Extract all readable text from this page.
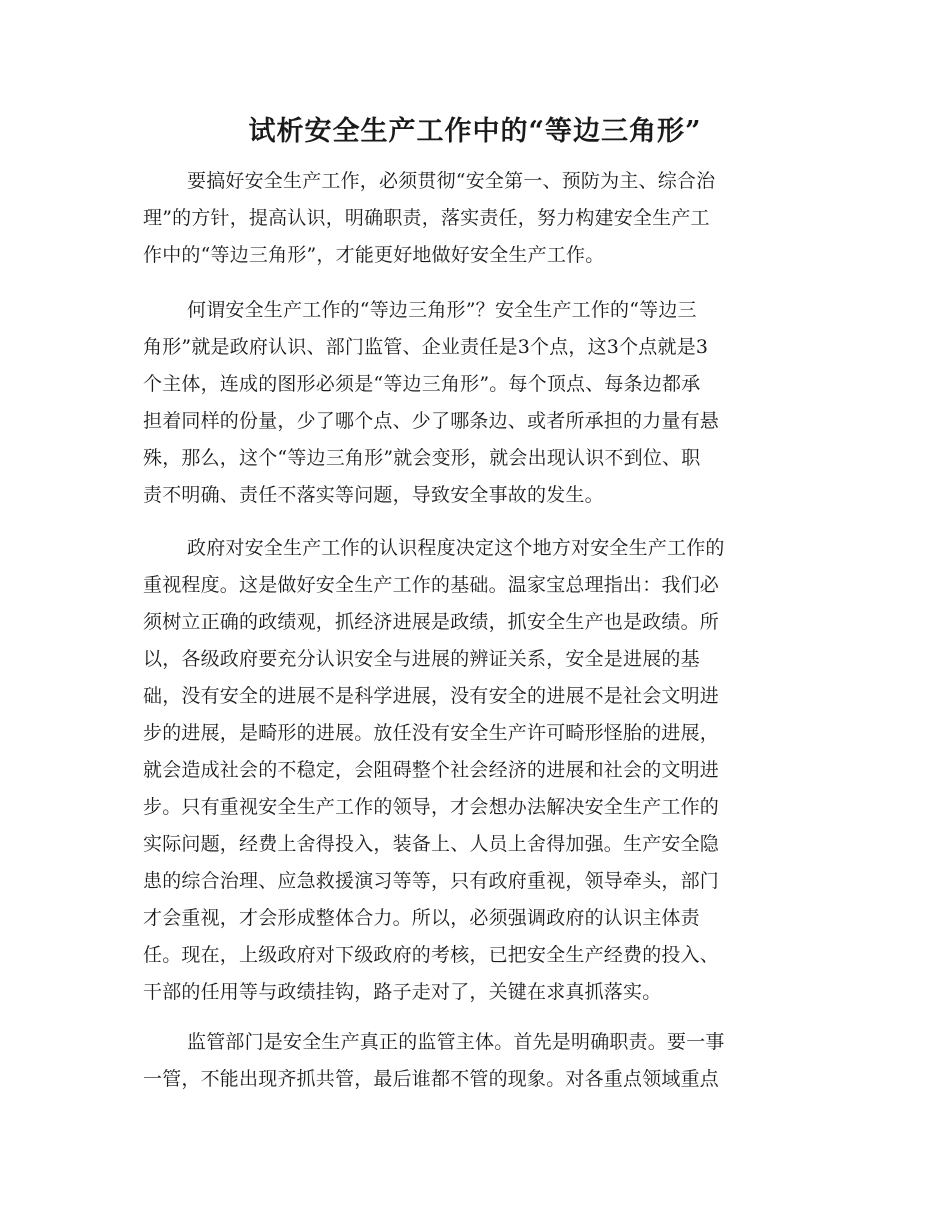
试析安全生产工作中的“等边三角形”
要搞好安全生产工作，必须贯彻“安全第一、预防为主、综合治
理”的方针，提高认识，明确职责，落实责任，努力构建安全生产工
作中的“等边三角形”，才能更好地做好安全生产工作。
何谓安全生产工作的“等边三角形”？安全生产工作的“等边三
角形”就是政府认识、部门监管、企业责任是3个点，这3个点就是3
个主体，连成的图形必须是“等边三角形”。每个顶点、每条边都承
担着同样的份量，少了哪个点、少了哪条边、或者所承担的力量有悬
殊，那么，这个“等边三角形”就会变形，就会出现认识不到位、职
责不明确、责任不落实等问题，导致安全事故的发生。
政府对安全生产工作的认识程度决定这个地方对安全生产工作的
重视程度。这是做好安全生产工作的基础。温家宝总理指出：我们必
须树立正确的政绩观，抓经济进展是政绩，抓安全生产也是政绩。所
以，各级政府要充分认识安全与进展的辨证关系，安全是进展的基
础，没有安全的进展不是科学进展，没有安全的进展不是社会文明进
步的进展，是畸形的进展。放任没有安全生产许可畸形怪胎的进展，
就会造成社会的不稳定，会阻碍整个社会经济的进展和社会的文明进
步。只有重视安全生产工作的领导，才会想办法解决安全生产工作的
实际问题，经费上舍得投入，装备上、人员上舍得加强。生产安全隐
患的综合治理、应急救援演习等等，只有政府重视，领导牵头，部门
才会重视，才会形成整体合力。所以，必须强调政府的认识主体责
任。现在，上级政府对下级政府的考核，已把安全生产经费的投入、
干部的任用等与政绩挂钩，路子走对了，关键在求真抓落实。
监管部门是安全生产真正的监管主体。首先是明确职责。要一事
一管，不能出现齐抓共管，最后谁都不管的现象。对各重点领域重点
